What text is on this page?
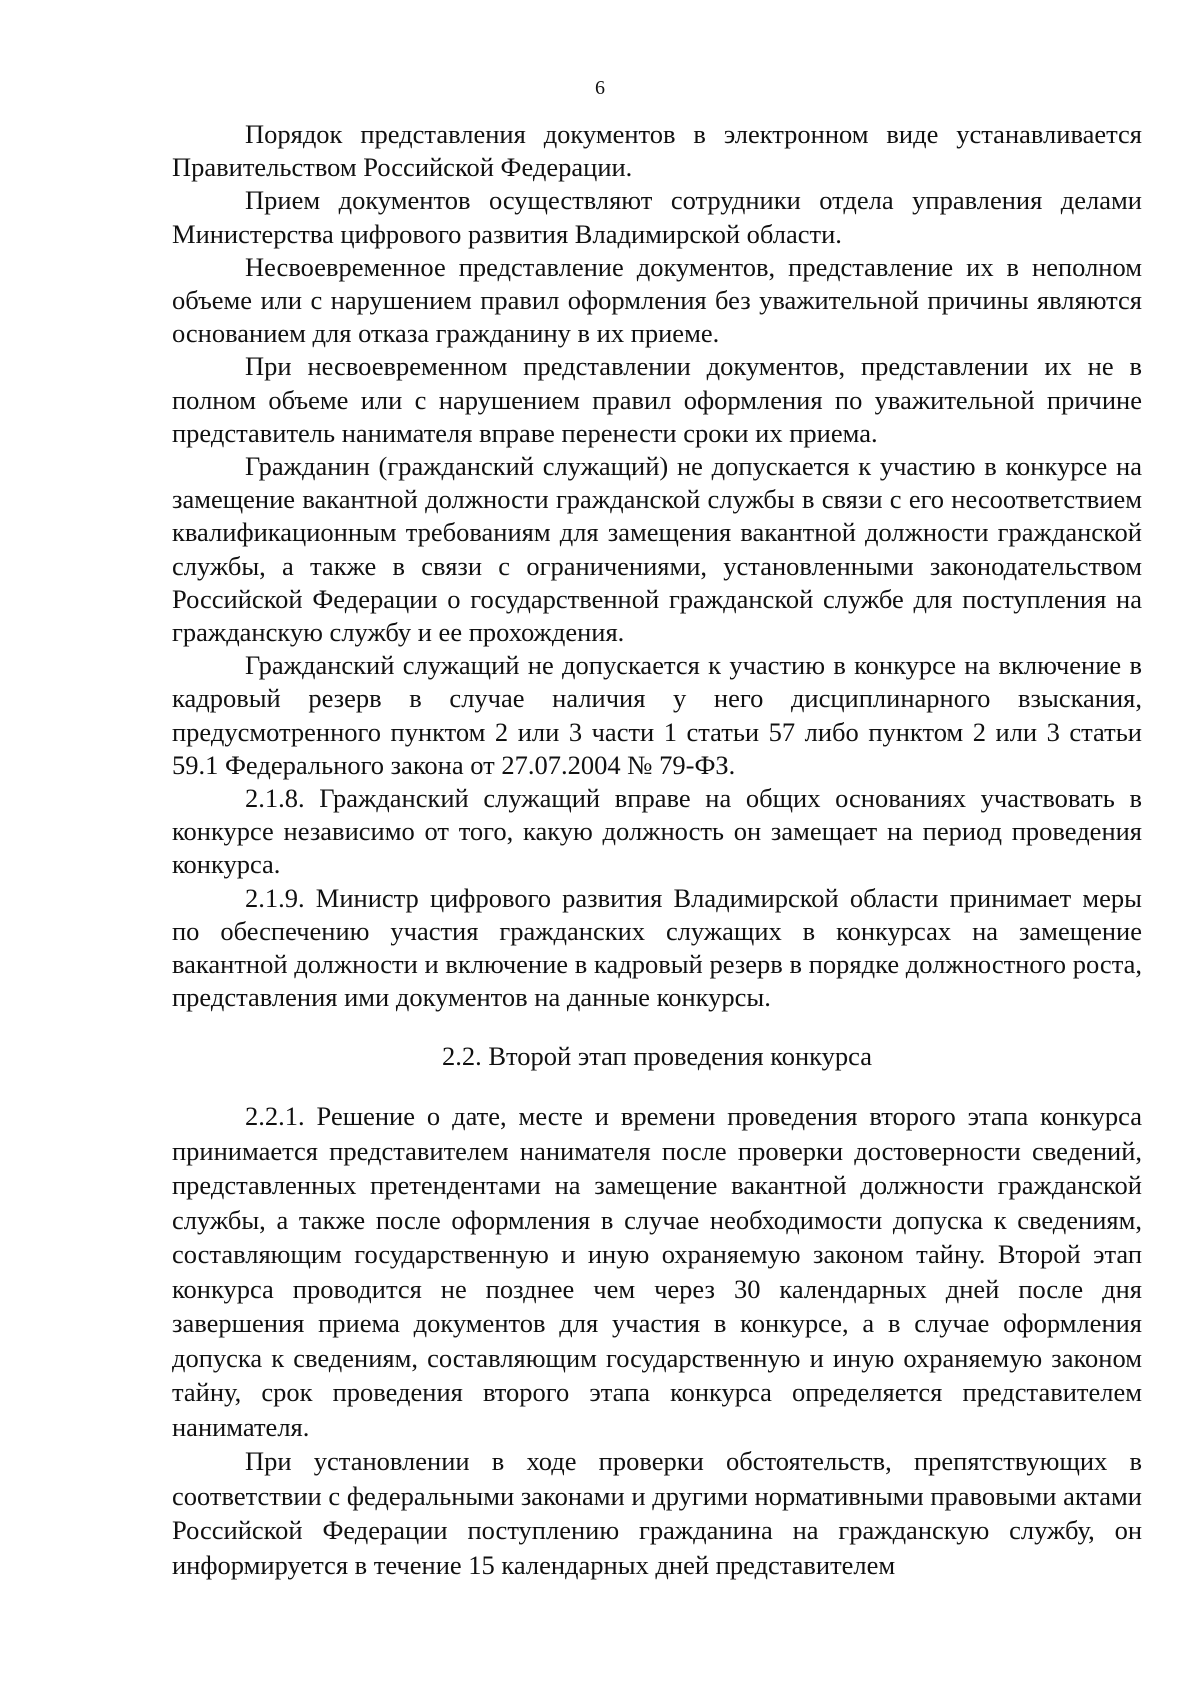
6

Порядок представления документов в электронном виде устанавливается Правительством Российской Федерации.

Прием документов осуществляют сотрудники отдела управления делами Министерства цифрового развития Владимирской области.

Несвоевременное представление документов, представление их в неполном объеме или с нарушением правил оформления без уважительной причины являются основанием для отказа гражданину в их приеме.

При несвоевременном представлении документов, представлении их не в полном объеме или с нарушением правил оформления по уважительной причине представитель нанимателя вправе перенести сроки их приема.

Гражданин (гражданский служащий) не допускается к участию в конкурсе на замещение вакантной должности гражданской службы в связи с его несоответствием квалификационным требованиям для замещения вакантной должности гражданской службы, а также в связи с ограничениями, установленными законодательством Российской Федерации о государственной гражданской службе для поступления на гражданскую службу и ее прохождения.

Гражданский служащий не допускается к участию в конкурсе на включение в кадровый резерв в случае наличия у него дисциплинарного взыскания, предусмотренного пунктом 2 или 3 части 1 статьи 57 либо пунктом 2 или 3 статьи 59.1 Федерального закона от 27.07.2004 № 79-ФЗ.

2.1.8. Гражданский служащий вправе на общих основаниях участвовать в конкурсе независимо от того, какую должность он замещает на период проведения конкурса.

2.1.9. Министр цифрового развития Владимирской области принимает меры по обеспечению участия гражданских служащих в конкурсах на замещение вакантной должности и включение в кадровый резерв в порядке должностного роста, представления ими документов на данные конкурсы.

2.2. Второй этап проведения конкурса

2.2.1. Решение о дате, месте и времени проведения второго этапа конкурса принимается представителем нанимателя после проверки достоверности сведений, представленных претендентами на замещение вакантной должности гражданской службы, а также после оформления в случае необходимости допуска к сведениям, составляющим государственную и иную охраняемую законом тайну. Второй этап конкурса проводится не позднее чем через 30 календарных дней после дня завершения приема документов для участия в конкурсе, а в случае оформления допуска к сведениям, составляющим государственную и иную охраняемую законом тайну, срок проведения второго этапа конкурса определяется представителем нанимателя.

При установлении в ходе проверки обстоятельств, препятствующих в соответствии с федеральными законами и другими нормативными правовыми актами Российской Федерации поступлению гражданина на гражданскую службу, он информируется в течение 15 календарных дней представителем
